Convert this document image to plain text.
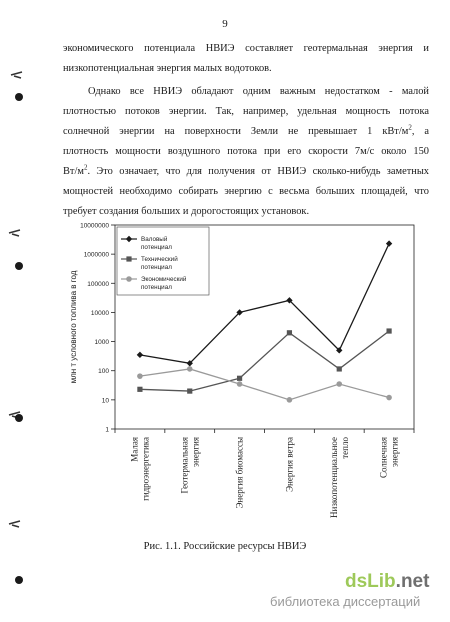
9
экономического потенциала НВИЭ составляет геотермальная энергия и
низкопотенциальная энергия малых водотоков.
Однако все НВИЭ обладают одним важным недостатком - малой
плотностью потоков энергии. Так, например, удельная мощность потока
солнечной энергии на поверхности Земли не превышает 1 кВт/$м^2$, а
плотность мощности воздушного потока при его скорости 7м/с около 150
$Вт/м^2$. Это означает, что для получения от НВИЭ сколько-нибудь заметных
мощностей необходимо собирать энергию с весьма больших площадей, что
требует создания больших и дорогостоящих установок.
10000000
1000000
100000
10000
1000
100
10
1
млн т условного топлива в год
Малая гидроэнергетика	Геотермальная энергия	Энергия биомассы	Энергия ветра	Низкопотенциальное тепло	Солнечная энергия
Валовый
потенциал
Технический
потенциал
Экономический
потенциал
Рис. 1.1. Российские ресурсы НВИЭ
dsLib.net
библиотека диссертаций
